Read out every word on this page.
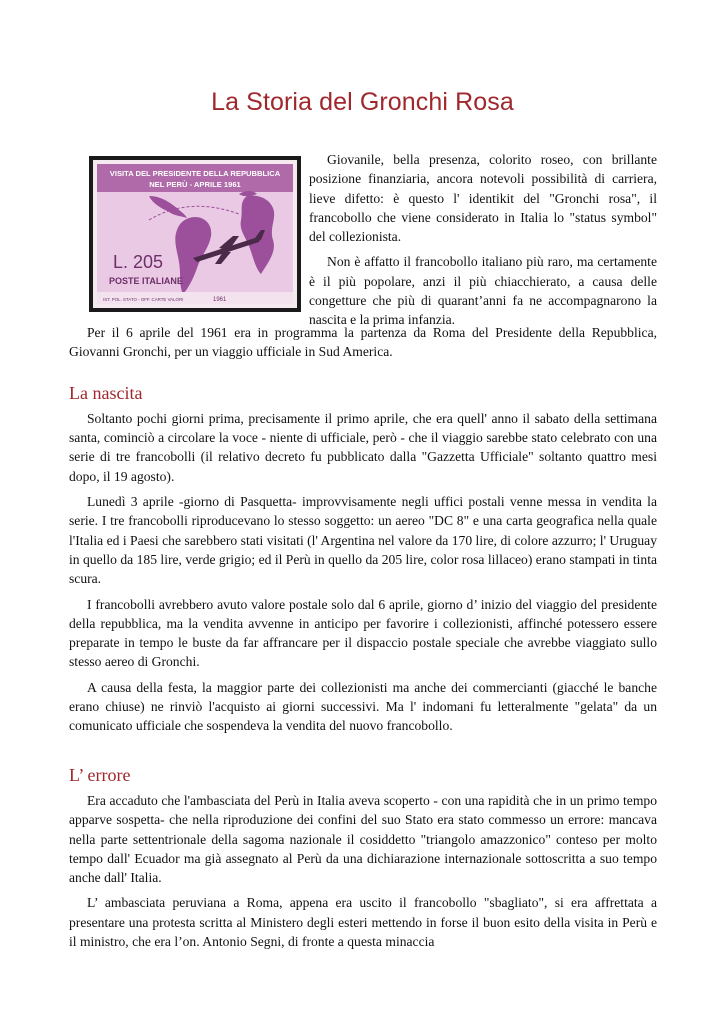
La Storia del Gronchi Rosa
VISITA DEL PRESIDENTE DELLA REPUBBLICA
NEL PERÙ - APRILE 1961
L. 205
POSTE ITALIANE
IST. POL. STATO - OFF. CARTE VALORI	1961

Giovanile, bella presenza, colorito roseo, con brillante posizione finanziaria, ancora notevoli possibilità di carriera, lieve difetto: è questo l' identikit del "Gronchi rosa", il francobollo che viene considerato in Italia lo "status symbol" del collezionista.

Non è affatto il francobollo italiano più raro, ma certamente è il più popolare, anzi il più chiacchierato, a causa delle congetture che più di quarant’anni fa ne accompagnarono la nascita e la prima infanzia.

Per il 6 aprile del 1961 era in programma la partenza da Roma del Presidente della Repubblica, Giovanni Gronchi, per un viaggio ufficiale in Sud America.

La nascita

Soltanto pochi giorni prima, precisamente il primo aprile, che era quell' anno il sabato della settimana santa, cominciò a circolare la voce - niente di ufficiale, però - che il viaggio sarebbe stato celebrato con una serie di tre francobolli (il relativo decreto fu pubblicato dalla "Gazzetta Ufficiale" soltanto quattro mesi dopo, il 19 agosto).

Lunedì 3 aprile -giorno di Pasquetta- improvvisamente negli uffici postali venne messa in vendita la serie. I tre francobolli riproducevano lo stesso soggetto: un aereo "DC 8" e una carta geografica nella quale l'Italia ed i Paesi che sarebbero stati visitati (l' Argentina nel valore da 170 lire, di colore azzurro; l' Uruguay in quello da 185 lire, verde grigio; ed il Perù in quello da 205 lire, color rosa lillaceo) erano stampati in tinta scura.

I francobolli avrebbero avuto valore postale solo dal 6 aprile, giorno d’ inizio del viaggio del presidente della repubblica, ma la vendita avvenne in anticipo per favorire i collezionisti, affinché potessero essere preparate in tempo le buste da far affrancare per il dispaccio postale speciale che avrebbe viaggiato sullo stesso aereo di Gronchi.

A causa della festa, la maggior parte dei collezionisti ma anche dei commercianti (giacché le banche erano chiuse) ne rinviò l'acquisto ai giorni successivi. Ma l' indomani fu letteralmente "gelata" da un comunicato ufficiale che sospendeva la vendita del nuovo francobollo.

L’ errore

Era accaduto che l'ambasciata del Perù in Italia aveva scoperto - con una rapidità che in un primo tempo apparve sospetta- che nella riproduzione dei confini del suo Stato era stato commesso un errore: mancava nella parte settentrionale della sagoma nazionale il cosiddetto "triangolo amazzonico" conteso per molto tempo dall' Ecuador ma già assegnato al Perù da una dichiarazione internazionale sottoscritta a suo tempo anche dall' Italia.

L’ ambasciata peruviana a Roma, appena era uscito il francobollo "sbagliato", si era affrettata a presentare una protesta scritta al Ministero degli esteri mettendo in forse il buon esito della visita in Perù e il ministro, che era l’on. Antonio Segni, di fronte a questa minaccia
